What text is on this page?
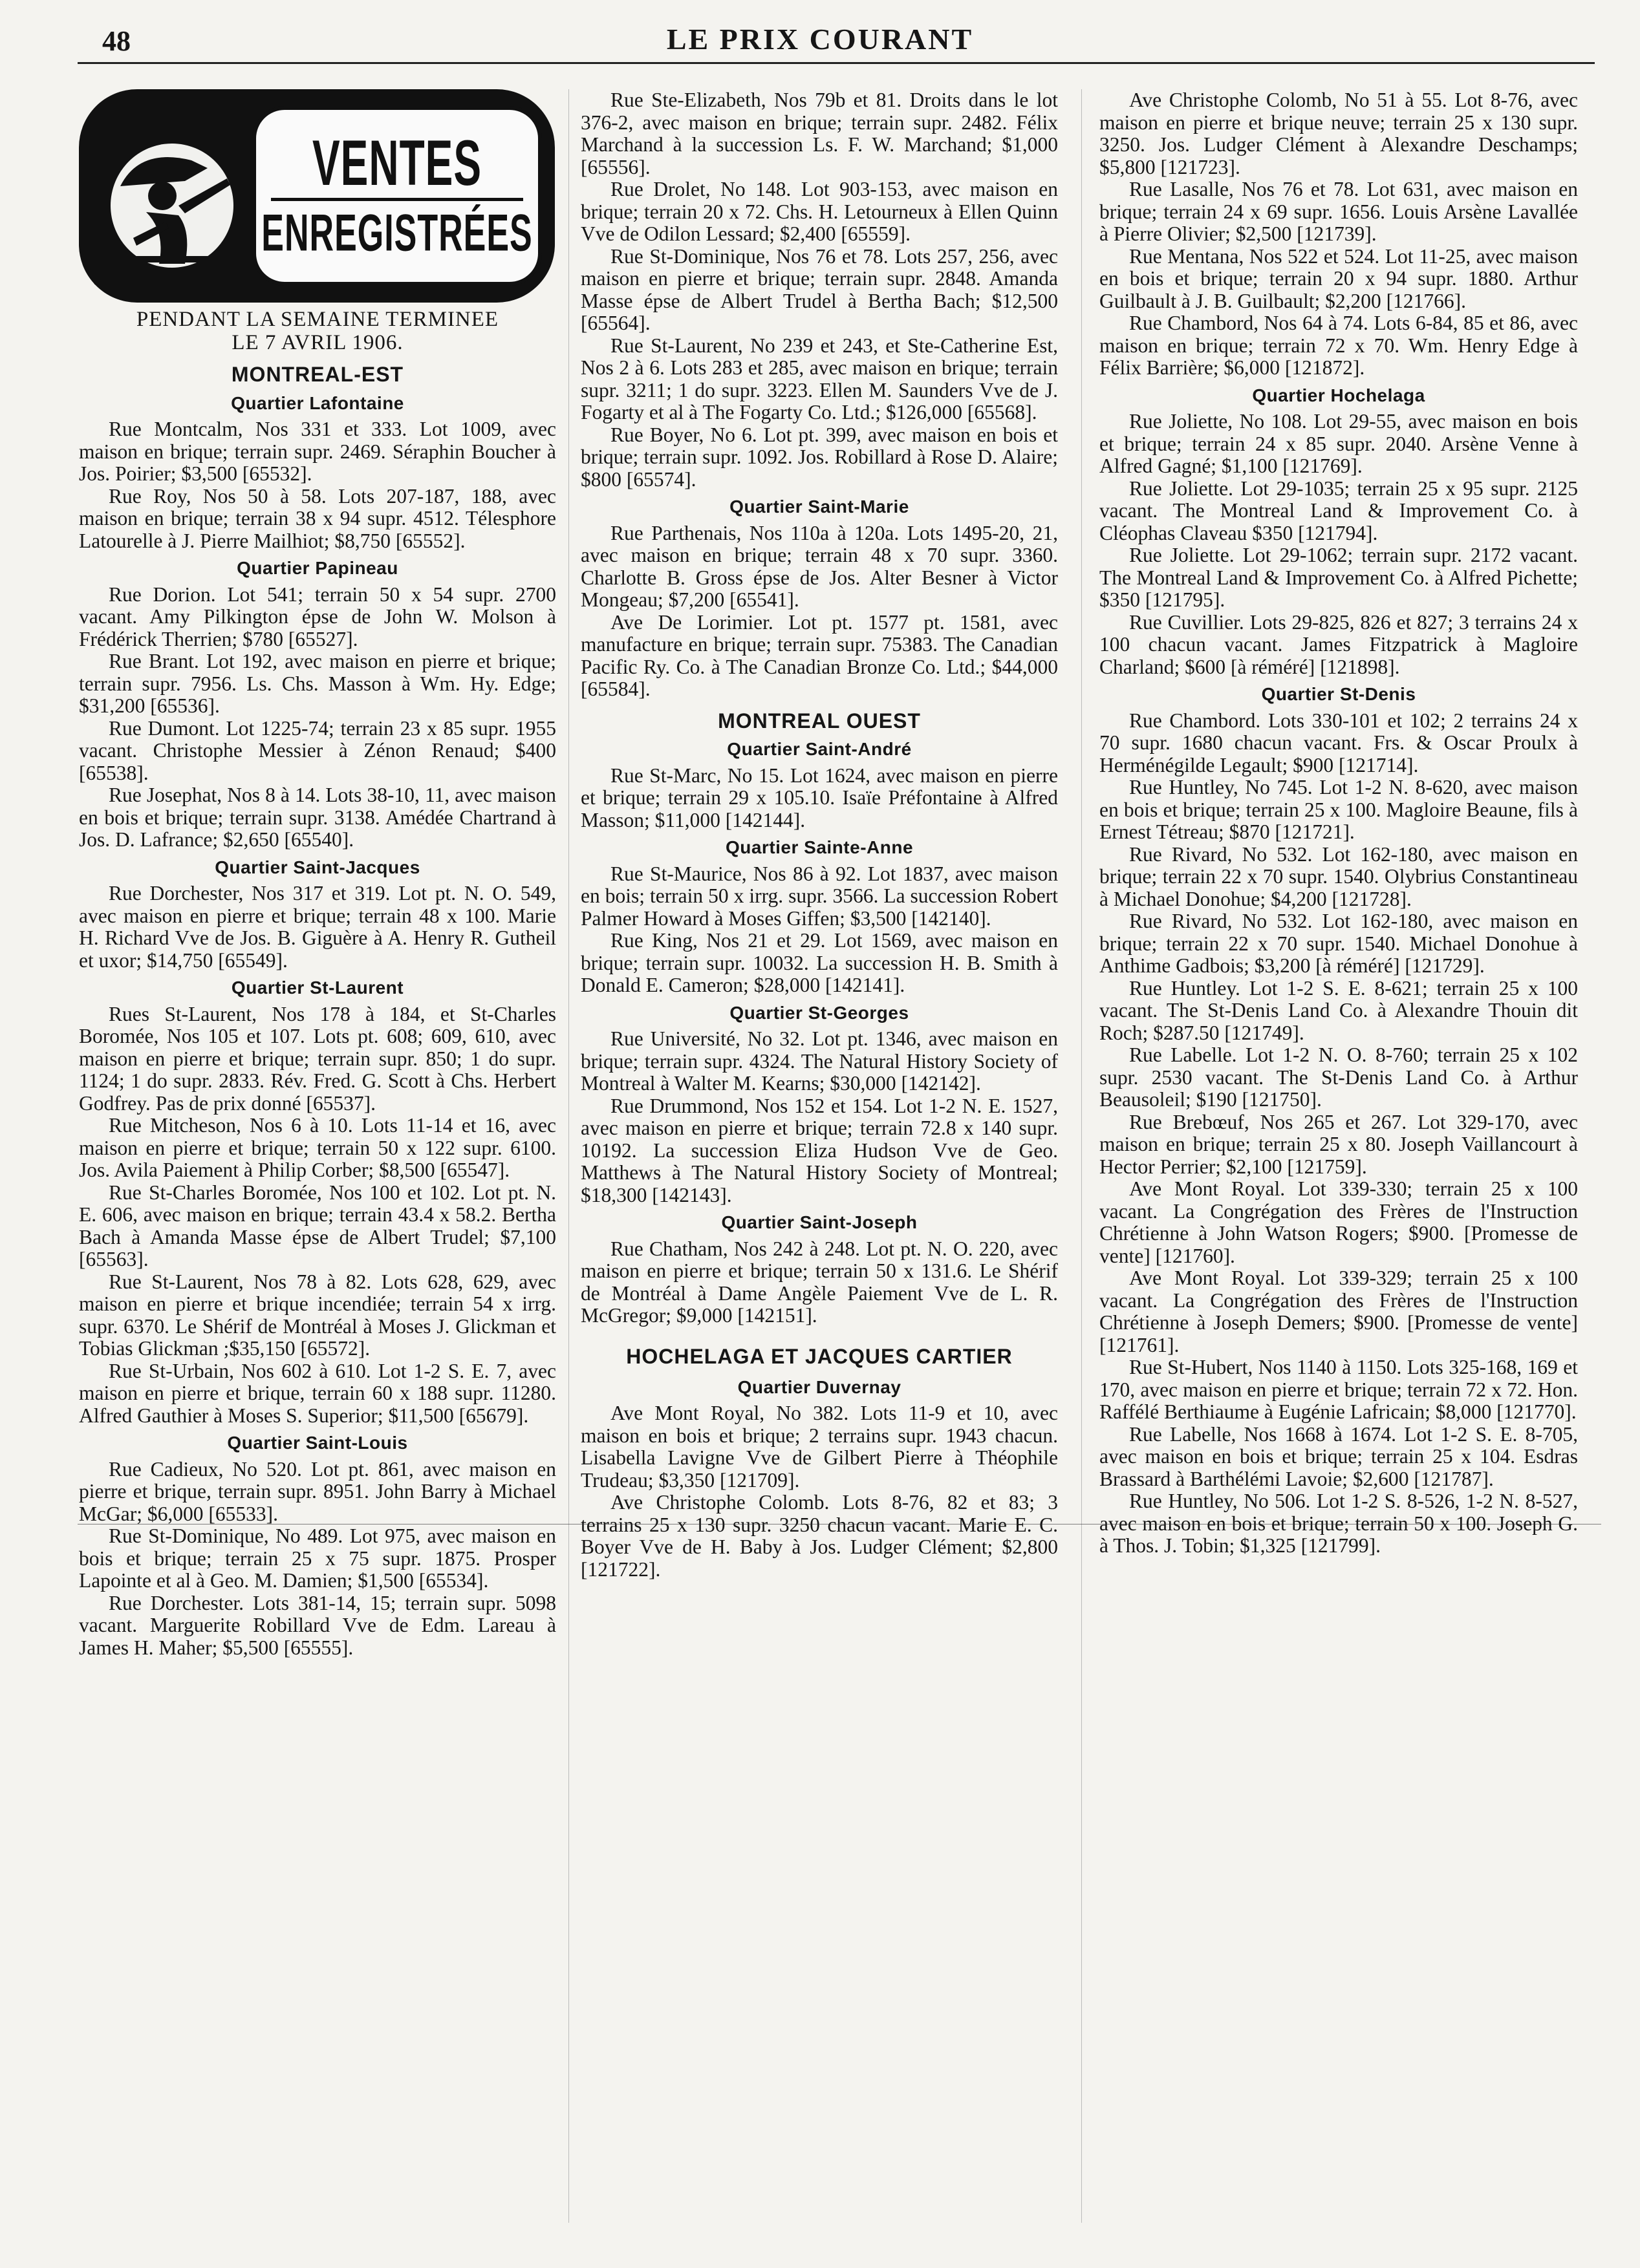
48	LE PRIX COURANT
VENTES
ENREGISTRÉES
PENDANT LA SEMAINE TERMINEE
LE 7 AVRIL 1906.
MONTREAL-EST
Quartier Lafontaine

Rue Montcalm, Nos 331 et 333. Lot 1009, avec maison en brique; terrain supr. 2469. Séraphin Boucher à Jos. Poirier; $3,500 [65532].

Rue Roy, Nos 50 à 58. Lots 207-187, 188, avec maison en brique; terrain 38 x 94 supr. 4512. Télesphore Latourelle à J. Pierre Mailhiot; $8,750 [65552].

Quartier Papineau

Rue Dorion. Lot 541; terrain 50 x 54 supr. 2700 vacant. Amy Pilkington épse de John W. Molson à Frédérick Therrien; $780 [65527].

Rue Brant. Lot 192, avec maison en pierre et brique; terrain supr. 7956. Ls. Chs. Masson à Wm. Hy. Edge; $31,200 [65536].

Rue Dumont. Lot 1225-74; terrain 23 x 85 supr. 1955 vacant. Christophe Messier à Zénon Renaud; $400 [65538].

Rue Josephat, Nos 8 à 14. Lots 38-10, 11, avec maison en bois et brique; terrain supr. 3138. Amédée Chartrand à Jos. D. Lafrance; $2,650 [65540].

Quartier Saint-Jacques

Rue Dorchester, Nos 317 et 319. Lot pt. N. O. 549, avec maison en pierre et brique; terrain 48 x 100. Marie H. Richard Vve de Jos. B. Giguère à A. Henry R. Gutheil et uxor; $14,750 [65549].

Quartier St-Laurent

Rues St-Laurent, Nos 178 à 184, et St-Charles Boromée, Nos 105 et 107. Lots pt. 608; 609, 610, avec maison en pierre et brique; terrain supr. 850; 1 do supr. 1124; 1 do supr. 2833. Rév. Fred. G. Scott à Chs. Herbert Godfrey. Pas de prix donné [65537].

Rue Mitcheson, Nos 6 à 10. Lots 11-14 et 16, avec maison en pierre et brique; terrain 50 x 122 supr. 6100. Jos. Avila Paiement à Philip Corber; $8,500 [65547].

Rue St-Charles Boromée, Nos 100 et 102. Lot pt. N. E. 606, avec maison en brique; terrain 43.4 x 58.2. Bertha Bach à Amanda Masse épse de Albert Trudel; $7,100 [65563].

Rue St-Laurent, Nos 78 à 82. Lots 628, 629, avec maison en pierre et brique incendiée; terrain 54 x irrg. supr. 6370. Le Shérif de Montréal à Moses J. Glickman et Tobias Glickman ;$35,150 [65572].

Rue St-Urbain, Nos 602 à 610. Lot 1-2 S. E. 7, avec maison en pierre et brique, terrain 60 x 188 supr. 11280. Alfred Gauthier à Moses S. Superior; $11,500 [65679].

Quartier Saint-Louis

Rue Cadieux, No 520. Lot pt. 861, avec maison en pierre et brique, terrain supr. 8951. John Barry à Michael McGar; $6,000 [65533].

Rue St-Dominique, No 489. Lot 975, avec maison en bois et brique; terrain 25 x 75 supr. 1875. Prosper Lapointe et al à Geo. M. Damien; $1,500 [65534].

Rue Dorchester. Lots 381-14, 15; terrain supr. 5098 vacant. Marguerite Robillard Vve de Edm. Lareau à James H. Maher; $5,500 [65555].

Rue Ste-Elizabeth, Nos 79b et 81. Droits dans le lot 376-2, avec maison en brique; terrain supr. 2482. Félix Marchand à la succession Ls. F. W. Marchand; $1,000 [65556].

Rue Drolet, No 148. Lot 903-153, avec maison en brique; terrain 20 x 72. Chs. H. Letourneux à Ellen Quinn Vve de Odilon Lessard; $2,400 [65559].

Rue St-Dominique, Nos 76 et 78. Lots 257, 256, avec maison en pierre et brique; terrain supr. 2848. Amanda Masse épse de Albert Trudel à Bertha Bach; $12,500 [65564].

Rue St-Laurent, No 239 et 243, et Ste-Catherine Est, Nos 2 à 6. Lots 283 et 285, avec maison en brique; terrain supr. 3211; 1 do supr. 3223. Ellen M. Saunders Vve de J. Fogarty et al à The Fogarty Co. Ltd.; $126,000 [65568].

Rue Boyer, No 6. Lot pt. 399, avec maison en bois et brique; terrain supr. 1092. Jos. Robillard à Rose D. Alaire; $800 [65574].

Quartier Saint-Marie

Rue Parthenais, Nos 110a à 120a. Lots 1495-20, 21, avec maison en brique; terrain 48 x 70 supr. 3360. Charlotte B. Gross épse de Jos. Alter Besner à Victor Mongeau; $7,200 [65541].

Ave De Lorimier. Lot pt. 1577 pt. 1581, avec manufacture en brique; terrain supr. 75383. The Canadian Pacific Ry. Co. à The Canadian Bronze Co. Ltd.; $44,000 [65584].

MONTREAL OUEST
Quartier Saint-André

Rue St-Marc, No 15. Lot 1624, avec maison en pierre et brique; terrain 29 x 105.10. Isaïe Préfontaine à Alfred Masson; $11,000 [142144].

Quartier Sainte-Anne

Rue St-Maurice, Nos 86 à 92. Lot 1837, avec maison en bois; terrain 50 x irrg. supr. 3566. La succession Robert Palmer Howard à Moses Giffen; $3,500 [142140].

Rue King, Nos 21 et 29. Lot 1569, avec maison en brique; terrain supr. 10032. La succession H. B. Smith à Donald E. Cameron; $28,000 [142141].

Quartier St-Georges

Rue Université, No 32. Lot pt. 1346, avec maison en brique; terrain supr. 4324. The Natural History Society of Montreal à Walter M. Kearns; $30,000 [142142].

Rue Drummond, Nos 152 et 154. Lot 1-2 N. E. 1527, avec maison en pierre et brique; terrain 72.8 x 140 supr. 10192. La succession Eliza Hudson Vve de Geo. Matthews à The Natural History Society of Montreal; $18,300 [142143].

Quartier Saint-Joseph

Rue Chatham, Nos 242 à 248. Lot pt. N. O. 220, avec maison en pierre et brique; terrain 50 x 131.6. Le Shérif de Montréal à Dame Angèle Paiement Vve de L. R. McGregor; $9,000 [142151].

HOCHELAGA ET JACQUES CARTIER
Quartier Duvernay

Ave Mont Royal, No 382. Lots 11-9 et 10, avec maison en bois et brique; 2 terrains supr. 1943 chacun. Lisabella Lavigne Vve de Gilbert Pierre à Théophile Trudeau; $3,350 [121709].

Ave Christophe Colomb. Lots 8-76, 82 et 83; 3 terrains 25 x 130 supr. 3250 chacun vacant. Marie E. C. Boyer Vve de H. Baby à Jos. Ludger Clément; $2,800 [121722].

Ave Christophe Colomb, No 51 à 55. Lot 8-76, avec maison en pierre et brique neuve; terrain 25 x 130 supr. 3250. Jos. Ludger Clément à Alexandre Deschamps; $5,800 [121723].

Rue Lasalle, Nos 76 et 78. Lot 631, avec maison en brique; terrain 24 x 69 supr. 1656. Louis Arsène Lavallée à Pierre Olivier; $2,500 [121739].

Rue Mentana, Nos 522 et 524. Lot 11-25, avec maison en bois et brique; terrain 20 x 94 supr. 1880. Arthur Guilbault à J. B. Guilbault; $2,200 [121766].

Rue Chambord, Nos 64 à 74. Lots 6-84, 85 et 86, avec maison en brique; terrain 72 x 70. Wm. Henry Edge à Félix Barrière; $6,000 [121872].

Quartier Hochelaga

Rue Joliette, No 108. Lot 29-55, avec maison en bois et brique; terrain 24 x 85 supr. 2040. Arsène Venne à Alfred Gagné; $1,100 [121769].

Rue Joliette. Lot 29-1035; terrain 25 x 95 supr. 2125 vacant. The Montreal Land & Improvement Co. à Cléophas Claveau $350 [121794].

Rue Joliette. Lot 29-1062; terrain supr. 2172 vacant. The Montreal Land & Improvement Co. à Alfred Pichette; $350 [121795].

Rue Cuvillier. Lots 29-825, 826 et 827; 3 terrains 24 x 100 chacun vacant. James Fitzpatrick à Magloire Charland; $600 [à réméré] [121898].

Quartier St-Denis

Rue Chambord. Lots 330-101 et 102; 2 terrains 24 x 70 supr. 1680 chacun vacant. Frs. & Oscar Proulx à Herménégilde Legault; $900 [121714].

Rue Huntley, No 745. Lot 1-2 N. 8-620, avec maison en bois et brique; terrain 25 x 100. Magloire Beaune, fils à Ernest Tétreau; $870 [121721].

Rue Rivard, No 532. Lot 162-180, avec maison en brique; terrain 22 x 70 supr. 1540. Olybrius Constantineau à Michael Donohue; $4,200 [121728].

Rue Rivard, No 532. Lot 162-180, avec maison en brique; terrain 22 x 70 supr. 1540. Michael Donohue à Anthime Gadbois; $3,200 [à réméré] [121729].

Rue Huntley. Lot 1-2 S. E. 8-621; terrain 25 x 100 vacant. The St-Denis Land Co. à Alexandre Thouin dit Roch; $287.50 [121749].

Rue Labelle. Lot 1-2 N. O. 8-760; terrain 25 x 102 supr. 2530 vacant. The St-Denis Land Co. à Arthur Beausoleil; $190 [121750].

Rue Brebœuf, Nos 265 et 267. Lot 329-170, avec maison en brique; terrain 25 x 80. Joseph Vaillancourt à Hector Perrier; $2,100 [121759].

Ave Mont Royal. Lot 339-330; terrain 25 x 100 vacant. La Congrégation des Frères de l'Instruction Chrétienne à John Watson Rogers; $900. [Promesse de vente] [121760].

Ave Mont Royal. Lot 339-329; terrain 25 x 100 vacant. La Congrégation des Frères de l'Instruction Chrétienne à Joseph Demers; $900. [Promesse de vente] [121761].

Rue St-Hubert, Nos 1140 à 1150. Lots 325-168, 169 et 170, avec maison en pierre et brique; terrain 72 x 72. Hon. Raffélé Berthiaume à Eugénie Lafricain; $8,000 [121770].

Rue Labelle, Nos 1668 à 1674. Lot 1-2 S. E. 8-705, avec maison en bois et brique; terrain 25 x 104. Esdras Brassard à Barthélémi Lavoie; $2,600 [121787].

Rue Huntley, No 506. Lot 1-2 S. 8-526, 1-2 N. 8-527, avec maison en bois et brique; terrain 50 x 100. Joseph G. à Thos. J. Tobin; $1,325 [121799].
